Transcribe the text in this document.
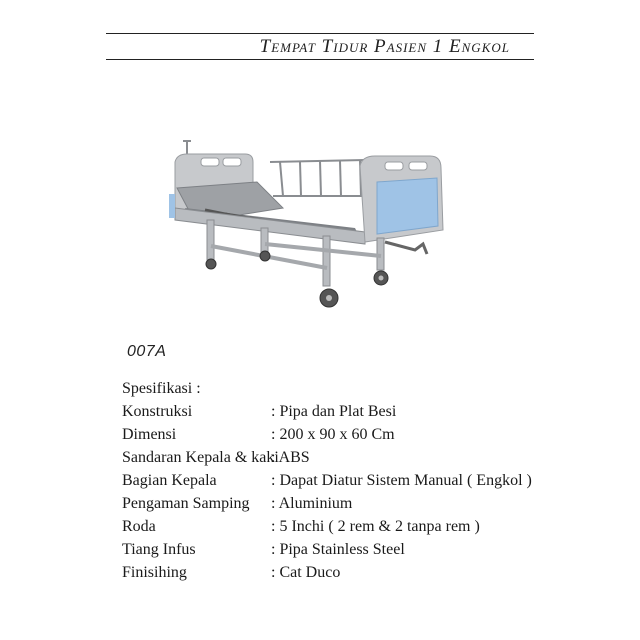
Tempat Tidur Pasien 1 Engkol
007A
Spesifikasi :
Konstruksi	: Pipa dan Plat Besi
Dimensi	: 200 x 90 x 60 Cm
Sandaran Kepala & kaki
: ABS
Bagian Kepala	: Dapat Diatur Sistem Manual ( Engkol )
Pengaman Samping	: Aluminium
Roda	: 5 Inchi ( 2 rem & 2 tanpa rem )
Tiang Infus	: Pipa Stainless Steel
Finisihing	: Cat Duco
